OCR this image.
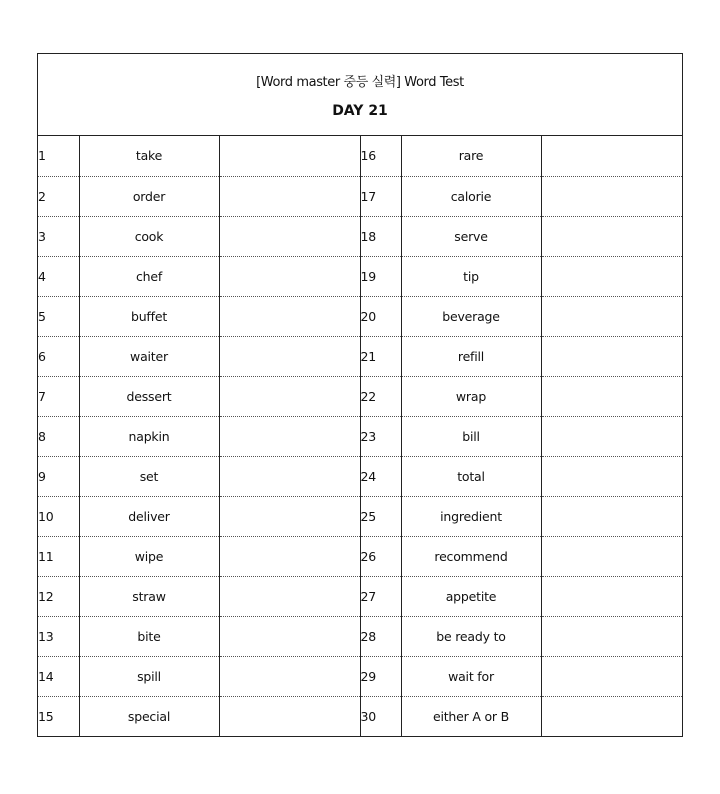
[Word master 중등 실력] Word Test
DAY 21
1	take		16	rare	
2	order		17	calorie	
3	cook		18	serve	
4	chef		19	tip	
5	buffet		20	beverage	
6	waiter		21	refill	
7	dessert		22	wrap	
8	napkin		23	bill	
9	set		24	total	
10	deliver		25	ingredient	
11	wipe		26	recommend	
12	straw		27	appetite	
13	bite		28	be ready to	
14	spill		29	wait for	
15	special		30	either A or B	
